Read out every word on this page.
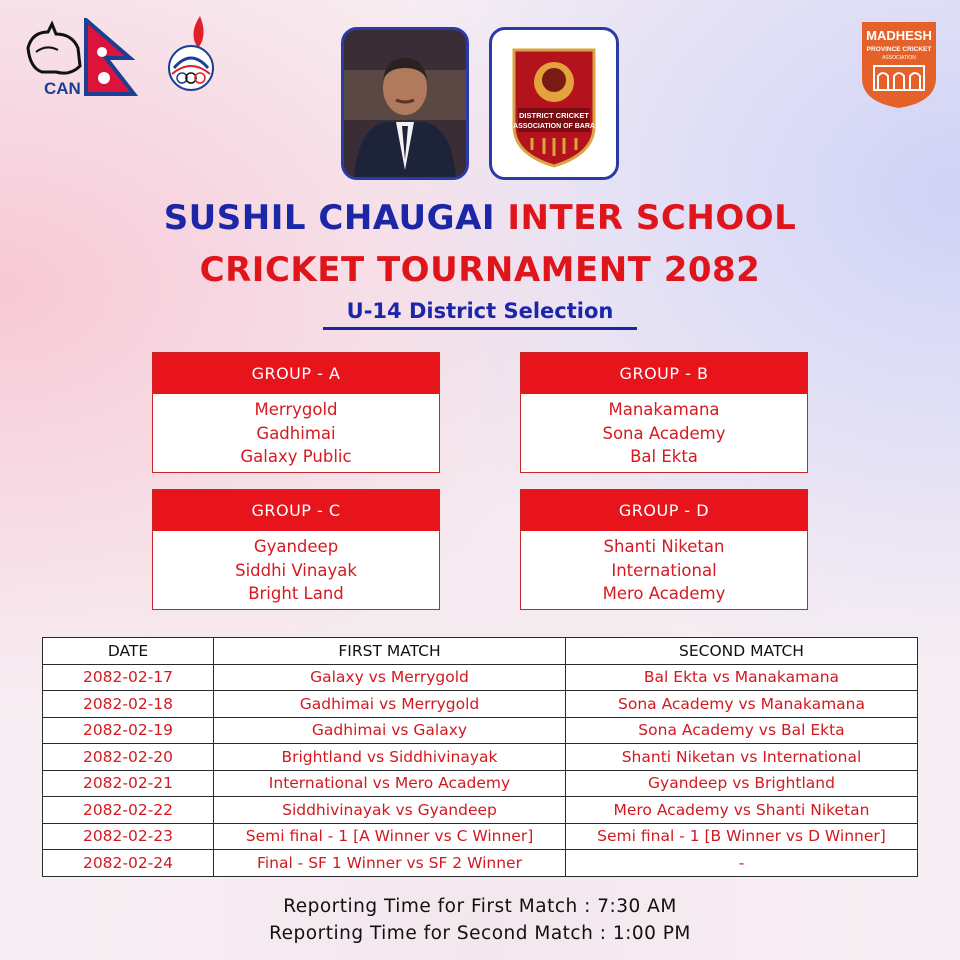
CAN
MADHESH
PROVINCE CRICKET
ASSOCIATION
DISTRICT CRICKET
ASSOCIATION OF BARA
SUSHIL CHAUGAI INTER SCHOOL
CRICKET TOURNAMENT 2082
U-14 District Selection
GROUP - A
Merrygold
Gadhimai
Galaxy Public
GROUP - B
Manakamana
Sona Academy
Bal Ekta
GROUP - C
Gyandeep
Siddhi Vinayak
Bright Land
GROUP - D
Shanti Niketan
International
Mero Academy
DATE	FIRST MATCH	SECOND MATCH
2082-02-17	Galaxy vs Merrygold	Bal Ekta vs Manakamana
2082-02-18	Gadhimai vs Merrygold	Sona Academy vs Manakamana
2082-02-19	Gadhimai vs Galaxy	Sona Academy vs Bal Ekta
2082-02-20	Brightland vs Siddhivinayak	Shanti Niketan vs International
2082-02-21	International vs Mero Academy	Gyandeep vs Brightland
2082-02-22	Siddhivinayak vs Gyandeep	Mero Academy vs Shanti Niketan
2082-02-23	Semi final - 1 [A Winner vs C Winner]	Semi final - 1 [B Winner vs D Winner]
2082-02-24	Final - SF 1 Winner vs SF 2 Winner	-
Reporting Time for First Match : 7:30 AM
Reporting Time for Second Match : 1:00 PM
